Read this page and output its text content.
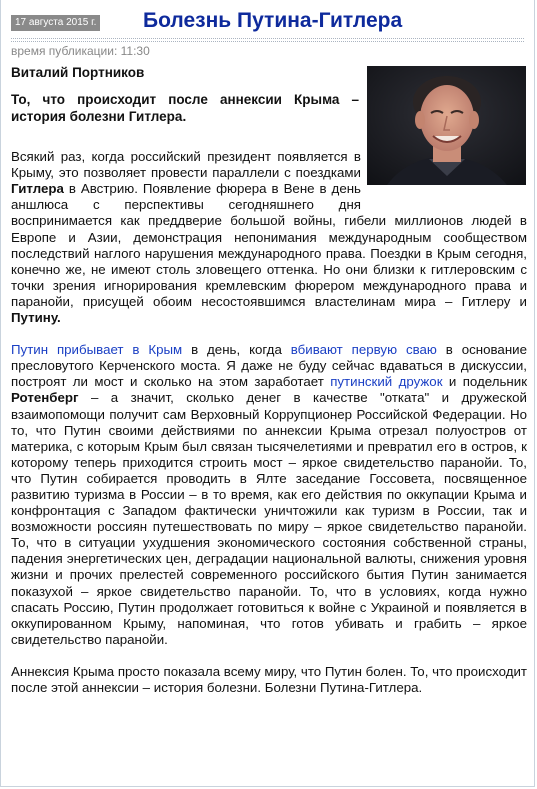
17 августа 2015 г. Болезнь Путина-Гитлера
время публикации: 11:30
Виталий Портников
То, что происходит после аннексии Крыма – история болезни Гитлера.

Всякий раз, когда российский президент появляется в Крыму, это позволяет провести параллели с поездками Гитлера в Австрию. Появление фюрера в Вене в день аншлюса с перспективы сегодняшнего дня воспринимается как преддверие большой войны, гибели миллионов людей в Европе и Азии, демонстрация непонимания международным сообществом последствий наглого нарушения международного права. Поездки в Крым сегодня, конечно же, не имеют столь зловещего оттенка. Но они близки к гитлеровским с точки зрения игнорирования кремлевским фюрером международного права и паранойи, присущей обоим несостоявшимся властелинам мира – Гитлеру и Путину.

Путин прибывает в Крым в день, когда вбивают первую сваю в основание пресловутого Керченского моста. Я даже не буду сейчас вдаваться в дискуссии, построят ли мост и сколько на этом заработает путинский дружок и подельник Ротенберг – а значит, сколько денег в качестве "отката" и дружеской взаимопомощи получит сам Верховный Коррупционер Российской Федерации. Но то, что Путин своими действиями по аннексии Крыма отрезал полуостров от материка, с которым Крым был связан тысячелетиями и превратил его в остров, к которому теперь приходится строить мост – яркое свидетельство паранойи. То, что Путин собирается проводить в Ялте заседание Госсовета, посвященное развитию туризма в России – в то время, как его действия по оккупации Крыма и конфронтация с Западом фактически уничтожили как туризм в России, так и возможности россиян путешествовать по миру – яркое свидетельство паранойи. То, что в ситуации ухудшения экономического состояния собственной страны, падения энергетических цен, деградации национальной валюты, снижения уровня жизни и прочих прелестей современного российского бытия Путин занимается показухой – яркое свидетельство паранойи. То, что в условиях, когда нужно спасать Россию, Путин продолжает готовиться к войне с Украиной и появляется в оккупированном Крыму, напоминая, что готов убивать и грабить – яркое свидетельство паранойи.

Аннексия Крыма просто показала всему миру, что Путин болен. То, что происходит после этой аннексии – история болезни. Болезни Путина-Гитлера.
